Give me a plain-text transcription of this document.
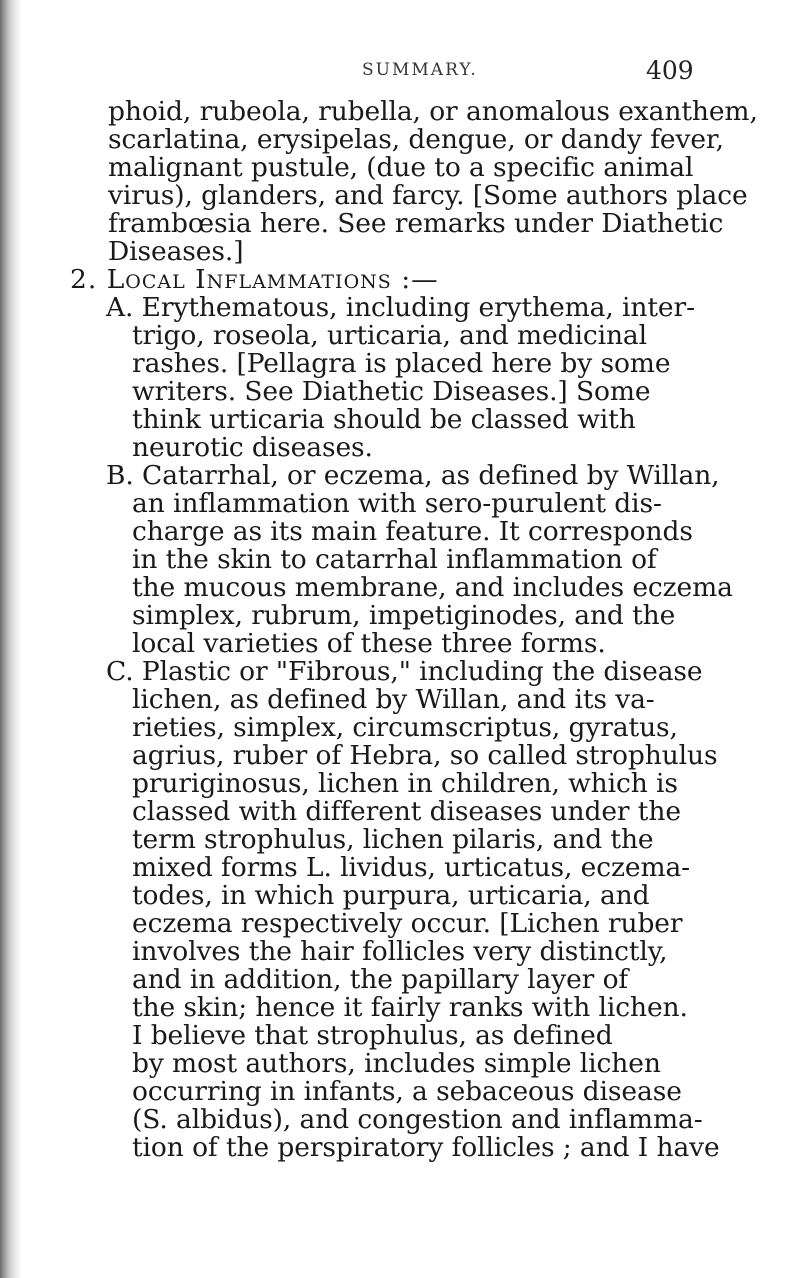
SUMMARY.	409
phoid, rubeola, rubella, or anomalous exanthem,
scarlatina, erysipelas, dengue, or dandy fever,
malignant pustule, (due to a specific animal
virus), glanders, and farcy. [Some authors place
frambœsia here. See remarks under Diathetic
Diseases.]
2. Local Inflammations :—
A. Erythematous, including erythema, inter-
trigo, roseola, urticaria, and medicinal
rashes. [Pellagra is placed here by some
writers. See Diathetic Diseases.] Some
think urticaria should be classed with
neurotic diseases.
B. Catarrhal, or eczema, as defined by Willan,
an inflammation with sero-purulent dis-
charge as its main feature. It corresponds
in the skin to catarrhal inflammation of
the mucous membrane, and includes eczema
simplex, rubrum, impetiginodes, and the
local varieties of these three forms.
C. Plastic or "Fibrous," including the disease
lichen, as defined by Willan, and its va-
rieties, simplex, circumscriptus, gyratus,
agrius, ruber of Hebra, so called strophulus
pruriginosus, lichen in children, which is
classed with different diseases under the
term strophulus, lichen pilaris, and the
mixed forms L. lividus, urticatus, eczema-
todes, in which purpura, urticaria, and
eczema respectively occur. [Lichen ruber
involves the hair follicles very distinctly,
and in addition, the papillary layer of
the skin; hence it fairly ranks with lichen.
I believe that strophulus, as defined
by most authors, includes simple lichen
occurring in infants, a sebaceous disease
(S. albidus), and congestion and inflamma-
tion of the perspiratory follicles ; and I have
